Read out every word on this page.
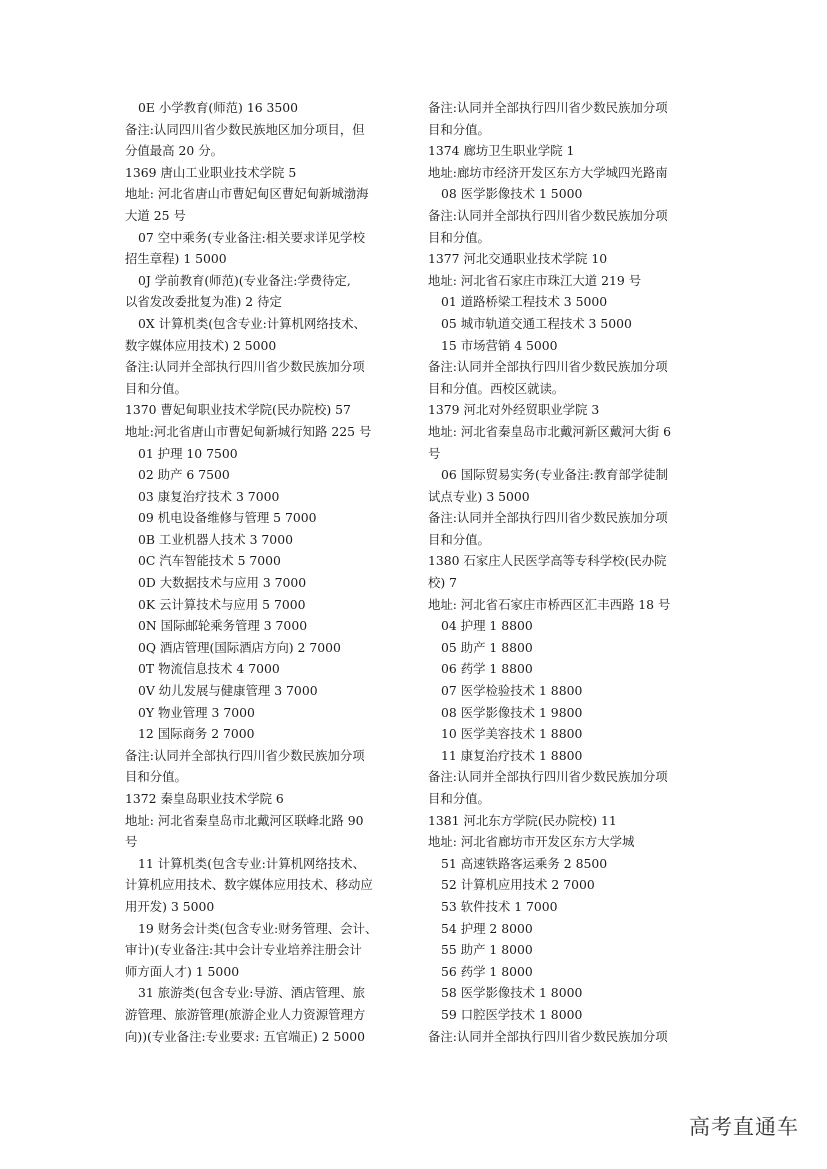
0E 小学教育(师范) 16 3500
备注:认同四川省少数民族地区加分项目，但
分值最高 20 分。
1369 唐山工业职业技术学院 5
地址: 河北省唐山市曹妃甸区曹妃甸新城渤海
大道 25 号
07 空中乘务(专业备注:相关要求详见学校
招生章程) 1 5000
0J 学前教育(师范)(专业备注:学费待定,
以省发改委批复为准) 2 待定
0X 计算机类(包含专业:计算机网络技术、
数字媒体应用技术) 2 5000
备注:认同并全部执行四川省少数民族加分项
目和分值。
1370 曹妃甸职业技术学院(民办院校) 57
地址:河北省唐山市曹妃甸新城行知路 225 号
01 护理 10 7500
02 助产 6 7500
03 康复治疗技术 3 7000
09 机电设备维修与管理 5 7000
0B 工业机器人技术 3 7000
0C 汽车智能技术 5 7000
0D 大数据技术与应用 3 7000
0K 云计算技术与应用 5 7000
0N 国际邮轮乘务管理 3 7000
0Q 酒店管理(国际酒店方向) 2 7000
0T 物流信息技术 4 7000
0V 幼儿发展与健康管理 3 7000
0Y 物业管理 3 7000
12 国际商务 2 7000
备注:认同并全部执行四川省少数民族加分项
目和分值。
1372 秦皇岛职业技术学院 6
地址: 河北省秦皇岛市北戴河区联峰北路 90
号
11 计算机类(包含专业:计算机网络技术、
计算机应用技术、数字媒体应用技术、移动应
用开发) 3 5000
19 财务会计类(包含专业:财务管理、会计、
审计)(专业备注:其中会计专业培养注册会计
师方面人才) 1 5000
31 旅游类(包含专业:导游、酒店管理、旅
游管理、旅游管理(旅游企业人力资源管理方
向))(专业备注:专业要求: 五官端正) 2 5000
备注:认同并全部执行四川省少数民族加分项
目和分值。
1374 廊坊卫生职业学院 1
地址:廊坊市经济开发区东方大学城四光路南
08 医学影像技术 1 5000
备注:认同并全部执行四川省少数民族加分项
目和分值。
1377 河北交通职业技术学院 10
地址: 河北省石家庄市珠江大道 219 号
01 道路桥梁工程技术 3 5000
05 城市轨道交通工程技术 3 5000
15 市场营销 4 5000
备注:认同并全部执行四川省少数民族加分项
目和分值。西校区就读。
1379 河北对外经贸职业学院 3
地址: 河北省秦皇岛市北戴河新区戴河大街 6
号
06 国际贸易实务(专业备注:教育部学徒制
试点专业) 3 5000
备注:认同并全部执行四川省少数民族加分项
目和分值。
1380 石家庄人民医学高等专科学校(民办院
校) 7
地址: 河北省石家庄市桥西区汇丰西路 18 号
04 护理 1 8800
05 助产 1 8800
06 药学 1 8800
07 医学检验技术 1 8800
08 医学影像技术 1 9800
10 医学美容技术 1 8800
11 康复治疗技术 1 8800
备注:认同并全部执行四川省少数民族加分项
目和分值。
1381 河北东方学院(民办院校) 11
地址: 河北省廊坊市开发区东方大学城
51 高速铁路客运乘务 2 8500
52 计算机应用技术 2 7000
53 软件技术 1 7000
54 护理 2 8000
55 助产 1 8000
56 药学 1 8000
58 医学影像技术 1 8000
59 口腔医学技术 1 8000
备注:认同并全部执行四川省少数民族加分项
高考直通车
